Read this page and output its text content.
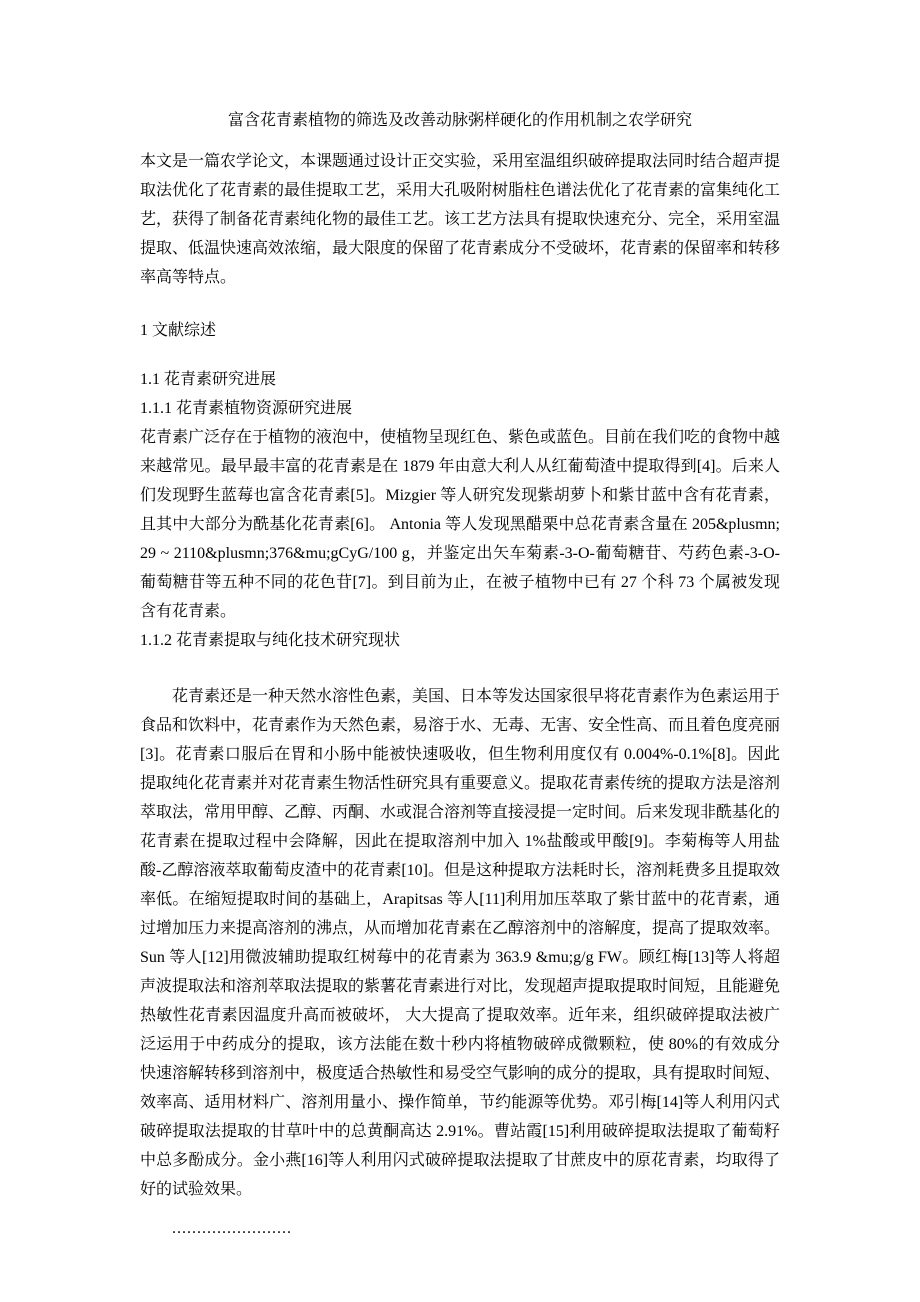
富含花青素植物的筛选及改善动脉粥样硬化的作用机制之农学研究

本文是一篇农学论文，本课题通过设计正交实验，采用室温组织破碎提取法同时结合超声提取法优化了花青素的最佳提取工艺，采用大孔吸附树脂柱色谱法优化了花青素的富集纯化工艺，获得了制备花青素纯化物的最佳工艺。该工艺方法具有提取快速充分、完全，采用室温提取、低温快速高效浓缩，最大限度的保留了花青素成分不受破坏，花青素的保留率和转移率高等特点。

1 文献综述

1.1 花青素研究进展

1.1.1 花青素植物资源研究进展

花青素广泛存在于植物的液泡中，使植物呈现红色、紫色或蓝色。目前在我们吃的食物中越来越常见。最早最丰富的花青素是在 1879 年由意大利人从红葡萄渣中提取得到[4]。后来人们发现野生蓝莓也富含花青素[5]。Mizgier 等人研究发现紫胡萝卜和紫甘蓝中含有花青素，且其中大部分为酰基化花青素[6]。 Antonia 等人发现黑醋栗中总花青素含量在 205&plusmn;29 ~ 2110&plusmn;376&mu;gCyG/100 g，并鉴定出矢车菊素-3-O-葡萄糖苷、芍药色素-3-O-葡萄糖苷等五种不同的花色苷[7]。到目前为止，在被子植物中已有 27 个科 73 个属被发现含有花青素。

1.1.2 花青素提取与纯化技术研究现状

花青素还是一种天然水溶性色素，美国、日本等发达国家很早将花青素作为色素运用于食品和饮料中，花青素作为天然色素，易溶于水、无毒、无害、安全性高、而且着色度亮丽[3]。花青素口服后在胃和小肠中能被快速吸收，但生物利用度仅有 0.004%-0.1%[8]。因此提取纯化花青素并对花青素生物活性研究具有重要意义。提取花青素传统的提取方法是溶剂萃取法，常用甲醇、乙醇、丙酮、水或混合溶剂等直接浸提一定时间。后来发现非酰基化的花青素在提取过程中会降解，因此在提取溶剂中加入 1%盐酸或甲酸[9]。李菊梅等人用盐酸-乙醇溶液萃取葡萄皮渣中的花青素[10]。但是这种提取方法耗时长，溶剂耗费多且提取效率低。在缩短提取时间的基础上，Arapitsas 等人[11]利用加压萃取了紫甘蓝中的花青素，通过增加压力来提高溶剂的沸点，从而增加花青素在乙醇溶剂中的溶解度，提高了提取效率。Sun 等人[12]用微波辅助提取红树莓中的花青素为 363.9 &mu;g/g FW。顾红梅[13]等人将超声波提取法和溶剂萃取法提取的紫薯花青素进行对比，发现超声提取提取时间短，且能避免热敏性花青素因温度升高而被破坏， 大大提高了提取效率。近年来，组织破碎提取法被广泛运用于中药成分的提取，该方法能在数十秒内将植物破碎成微颗粒，使 80%的有效成分快速溶解转移到溶剂中，极度适合热敏性和易受空气影响的成分的提取，具有提取时间短、效率高、适用材料广、溶剂用量小、操作简单，节约能源等优势。邓引梅[14]等人利用闪式破碎提取法提取的甘草叶中的总黄酮高达 2.91%。曹站霞[15]利用破碎提取法提取了葡萄籽中总多酚成分。金小燕[16]等人利用闪式破碎提取法提取了甘蔗皮中的原花青素，均取得了好的试验效果。

........................
